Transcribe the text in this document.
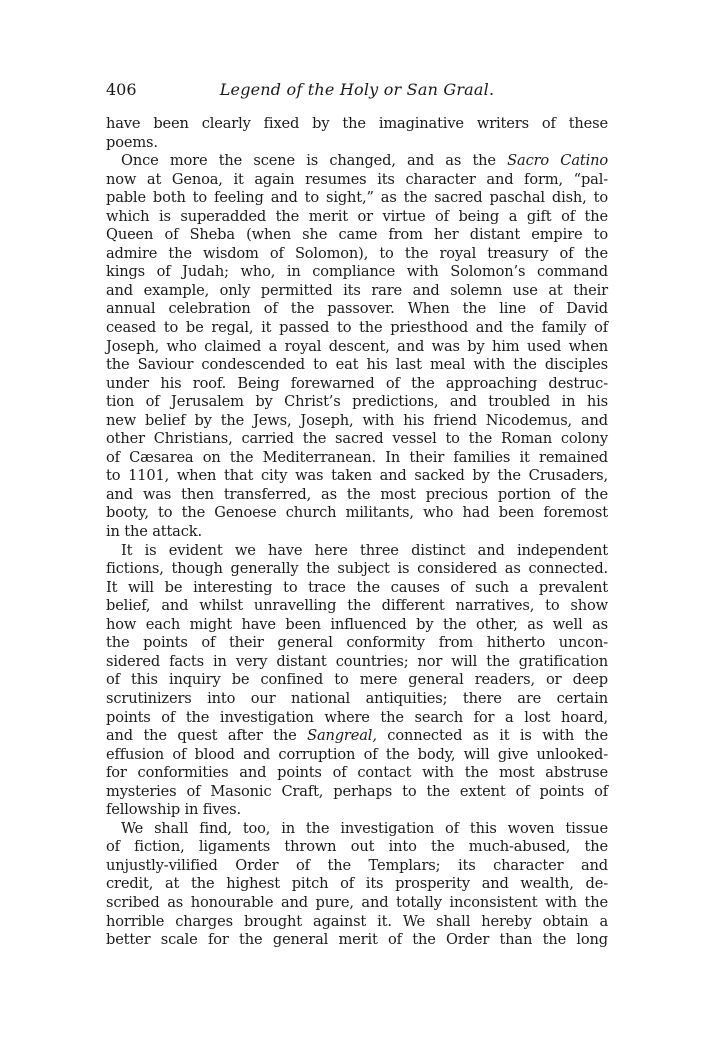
406	Legend of the Holy or San Graal.
have been clearly fixed by the imaginative writers of these
poems.
Once more the scene is changed, and as the Sacro Catino
now at Genoa, it again resumes its character and form, “pal-
pable both to feeling and to sight,” as the sacred paschal dish, to
which is superadded the merit or virtue of being a gift of the
Queen of Sheba (when she came from her distant empire to
admire the wisdom of Solomon), to the royal treasury of the
kings of Judah; who, in compliance with Solomon’s command
and example, only permitted its rare and solemn use at their
annual celebration of the passover. When the line of David
ceased to be regal, it passed to the priesthood and the family of
Joseph, who claimed a royal descent, and was by him used when
the Saviour condescended to eat his last meal with the disciples
under his roof. Being forewarned of the approaching destruc-
tion of Jerusalem by Christ’s predictions, and troubled in his
new belief by the Jews, Joseph, with his friend Nicodemus, and
other Christians, carried the sacred vessel to the Roman colony
of Cæsarea on the Mediterranean. In their families it remained
to 1101, when that city was taken and sacked by the Crusaders,
and was then transferred, as the most precious portion of the
booty, to the Genoese church militants, who had been foremost
in the attack.
It is evident we have here three distinct and independent
fictions, though generally the subject is considered as connected.
It will be interesting to trace the causes of such a prevalent
belief, and whilst unravelling the different narratives, to show
how each might have been influenced by the other, as well as
the points of their general conformity from hitherto uncon-
sidered facts in very distant countries; nor will the gratification
of this inquiry be confined to mere general readers, or deep
scrutinizers into our national antiquities; there are certain
points of the investigation where the search for a lost hoard,
and the quest after the Sangreal, connected as it is with the
effusion of blood and corruption of the body, will give unlooked-
for conformities and points of contact with the most abstruse
mysteries of Masonic Craft, perhaps to the extent of points of
fellowship in fives.
We shall find, too, in the investigation of this woven tissue
of fiction, ligaments thrown out into the much-abused, the
unjustly-vilified Order of the Templars; its character and
credit, at the highest pitch of its prosperity and wealth, de-
scribed as honourable and pure, and totally inconsistent with the
horrible charges brought against it. We shall hereby obtain a
better scale for the general merit of the Order than the long
